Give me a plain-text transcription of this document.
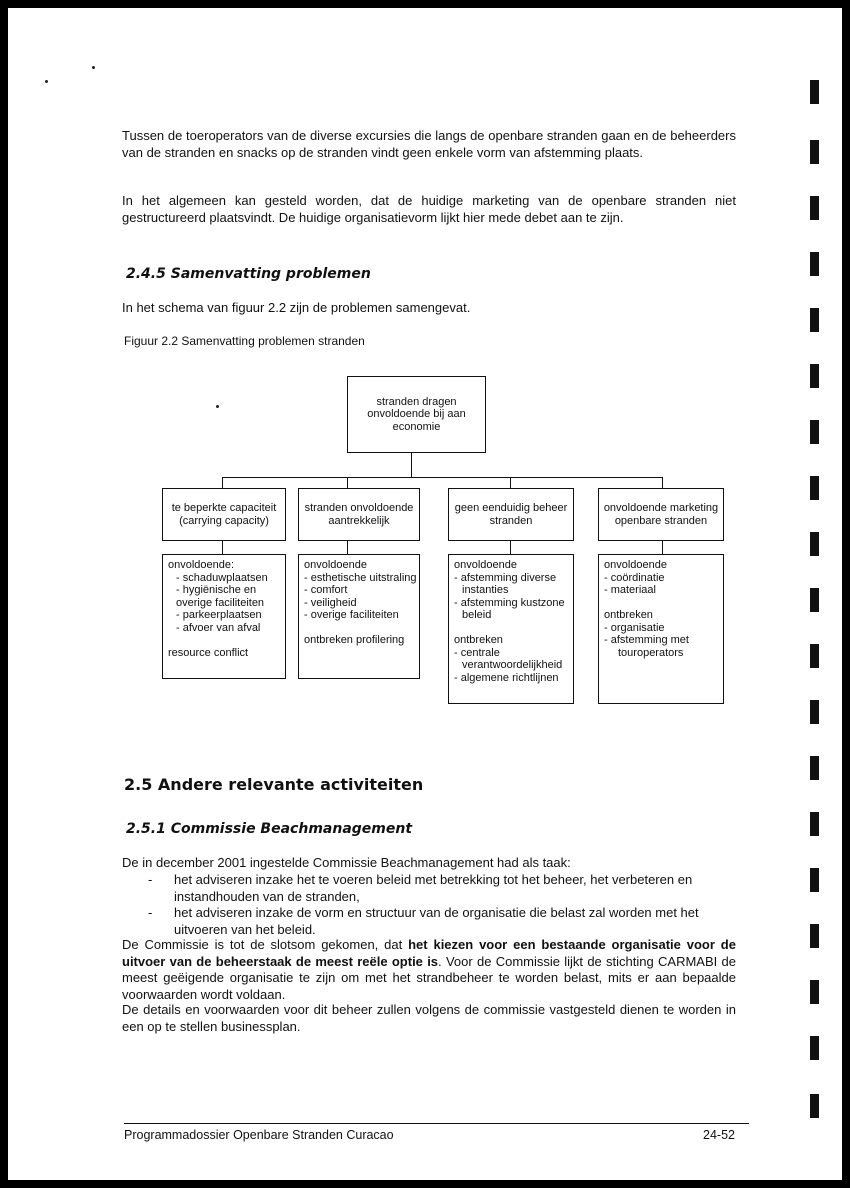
Tussen de toeroperators van de diverse excursies die langs de openbare stranden gaan en de beheerders van de stranden en snacks op de stranden vindt geen enkele vorm van afstemming plaats.

In het algemeen kan gesteld worden, dat de huidige marketing van de openbare stranden niet gestructureerd plaatsvindt. De huidige organisatievorm lijkt hier mede debet aan te zijn.

2.4.5 Samenvatting problemen
In het schema van figuur 2.2 zijn de problemen samengevat.
Figuur 2.2 Samenvatting problemen stranden
stranden dragen onvoldoende bij aan economie
te beperkte capaciteit (carrying capacity)
stranden onvoldoende aantrekkelijk
geen eenduidig beheer stranden
onvoldoende marketing openbare stranden
onvoldoende:
- schaduwplaatsen
- hygiënische en
overige faciliteiten
- parkeerplaatsen
- afvoer van afval
resource conflict
onvoldoende
- esthetische uitstraling
- comfort
- veiligheid
- overige faciliteiten
ontbreken profilering
onvoldoende
- afstemming diverse
instanties
- afstemming kustzone
beleid
ontbreken
- centrale
verantwoordelijkheid
- algemene richtlijnen
onvoldoende
- coördinatie
- materiaal
ontbreken
- organisatie
- afstemming met
touroperators
2.5 Andere relevante activiteiten
2.5.1 Commissie Beachmanagement
De in december 2001 ingestelde Commissie Beachmanagement had als taak:
- het adviseren inzake het te voeren beleid met betrekking tot het beheer, het verbeteren en instandhouden van de stranden,
- het adviseren inzake de vorm en structuur van de organisatie die belast zal worden met het uitvoeren van het beleid.

De Commissie is tot de slotsom gekomen, dat het kiezen voor een bestaande organisatie voor de uitvoer van de beheerstaak de meest reële optie is. Voor de Commissie lijkt de stichting CARMABI de meest geëigende organisatie te zijn om met het strandbeheer te worden belast, mits er aan bepaalde voorwaarden wordt voldaan.

De details en voorwaarden voor dit beheer zullen volgens de commissie vastgesteld dienen te worden in een op te stellen businessplan.

Programmadossier Openbare Stranden Curacao	24-52
